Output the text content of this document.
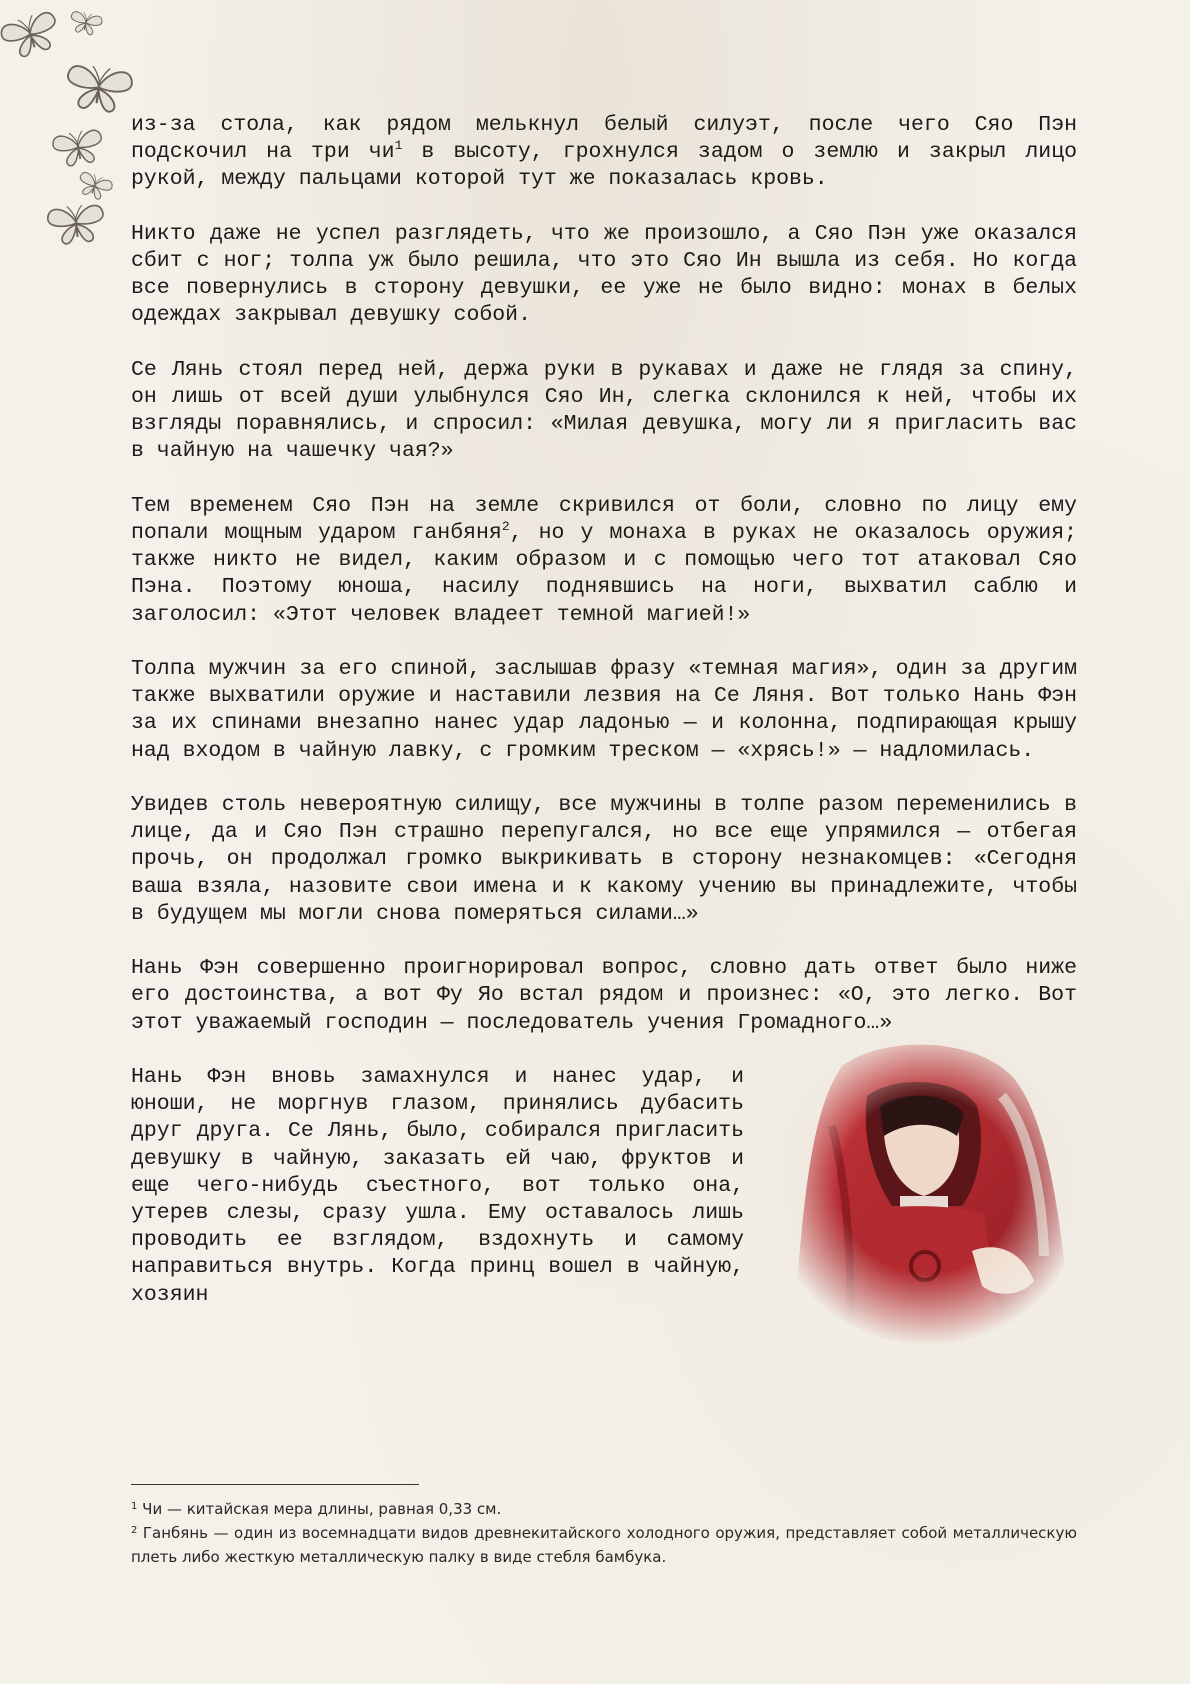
из-за стола, как рядом мелькнул белый силуэт, после чего Сяо Пэн подскочил на три чи$^1$ в высоту, грохнулся задом о землю и закрыл лицо рукой, между пальцами которой тут же показалась кровь.

Никто даже не успел разглядеть, что же произошло, а Сяо Пэн уже оказался сбит с ног; толпа уж было решила, что это Сяо Ин вышла из себя. Но когда все повернулись в сторону девушки, ее уже не было видно: монах в белых одеждах закрывал девушку собой.

Се Лянь стоял перед ней, держа руки в рукавах и даже не глядя за спину, он лишь от всей души улыбнулся Сяо Ин, слегка склонился к ней, чтобы их взгляды поравнялись, и спросил: «Милая девушка, могу ли я пригласить вас в чайную на чашечку чая?»

Тем временем Сяо Пэн на земле скривился от боли, словно по лицу ему попали мощным ударом ганбяня$^2$, но у монаха в руках не оказалось оружия; также никто не видел, каким образом и с помощью чего тот атаковал Сяо Пэна. Поэтому юноша, насилу поднявшись на ноги, выхватил саблю и заголосил: «Этот человек владеет темной магией!»

Толпа мужчин за его спиной, заслышав фразу «темная магия», один за другим также выхватили оружие и наставили лезвия на Се Ляня. Вот только Нань Фэн за их спинами внезапно нанес удар ладонью — и колонна, подпирающая крышу над входом в чайную лавку, с громким треском — «хрясь!» — надломилась.

Увидев столь невероятную силищу, все мужчины в толпе разом переменились в лице, да и Сяо Пэн страшно перепугался, но все еще упрямился — отбегая прочь, он продолжал громко выкрикивать в сторону незнакомцев: «Сегодня ваша взяла, назовите свои имена и к какому учению вы принадлежите, чтобы в будущем мы могли снова померяться силами…»

Нань Фэн совершенно проигнорировал вопрос, словно дать ответ было ниже его достоинства, а вот Фу Яо встал рядом и произнес: «О, это легко. Вот этот уважаемый господин — последователь учения Громадного…»

Нань Фэн вновь замахнулся и нанес удар, и юноши, не моргнув глазом, принялись дубасить друг друга. Се Лянь, было, собирался пригласить девушку в чайную, заказать ей чаю, фруктов и еще чего-нибудь съестного, вот только она, утерев слезы, сразу ушла. Ему оставалось лишь проводить ее взглядом, вздохнуть и самому направиться внутрь. Когда принц вошел в чайную, хозяин

$^1$ Чи — китайская мера длины, равная 0,33 см.
$^2$ Ганбянь — один из восемнадцати видов древнекитайского холодного оружия, представляет собой металлическую плеть либо жесткую металлическую палку в виде стебля бамбука.
